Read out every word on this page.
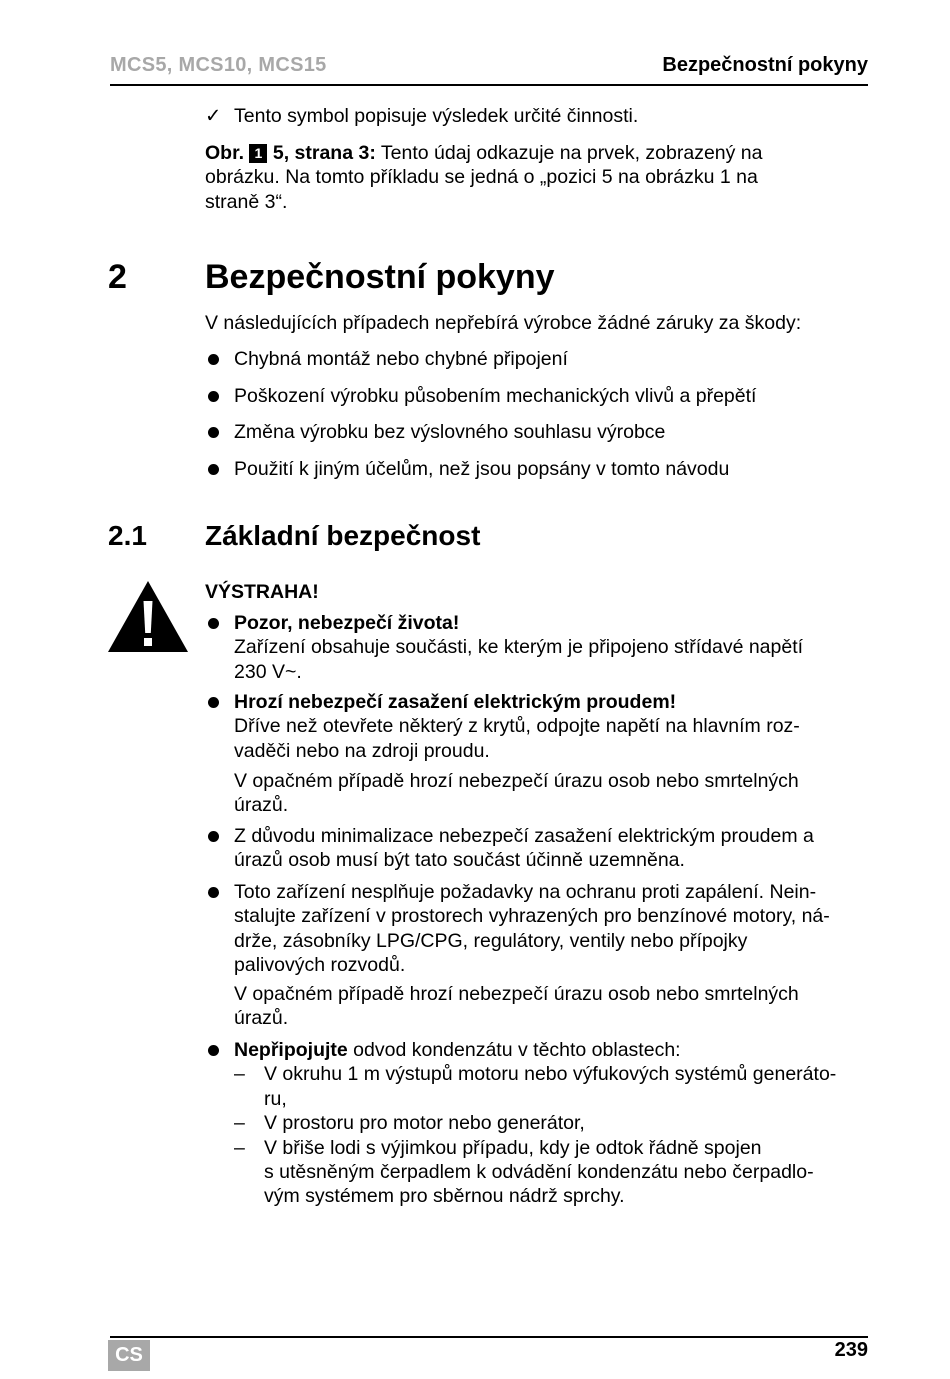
MCS5, MCS10, MCS15	Bezpečnostní pokyny
✓ Tento symbol popisuje výsledek určité činnosti.
Obr. 1 5, strana 3: Tento údaj odkazuje na prvek, zobrazený na
obrázku. Na tomto příkladu se jedná o „pozici 5 na obrázku 1 na
straně 3“.
2 Bezpečnostní pokyny
V následujících případech nepřebírá výrobce žádné záruky za škody:
Chybná montáž nebo chybné připojení
Poškození výrobku působením mechanických vlivů a přepětí
Změna výrobku bez výslovného souhlasu výrobce
Použití k jiným účelům, než jsou popsány v tomto návodu
2.1 Základní bezpečnost
VÝSTRAHA!
Pozor, nebezpečí života!
Zařízení obsahuje součásti, ke kterým je připojeno střídavé napětí
230 V~.
Hrozí nebezpečí zasažení elektrickým proudem!
Dříve než otevřete některý z krytů, odpojte napětí na hlavním roz-
vaděči nebo na zdroji proudu.
V opačném případě hrozí nebezpečí úrazu osob nebo smrtelných
úrazů.
Z důvodu minimalizace nebezpečí zasažení elektrickým proudem a
úrazů osob musí být tato součást účinně uzemněna.
Toto zařízení nesplňuje požadavky na ochranu proti zapálení. Nein-
stalujte zařízení v prostorech vyhrazených pro benzínové motory, ná-
drže, zásobníky LPG/CPG, regulátory, ventily nebo přípojky
palivových rozvodů.
V opačném případě hrozí nebezpečí úrazu osob nebo smrtelných
úrazů.
Nepřipojujte odvod kondenzátu v těchto oblastech:
– V okruhu 1 m výstupů motoru nebo výfukových systémů generáto-
ru,
– V prostoru pro motor nebo generátor,
– V břiše lodi s výjimkou případu, kdy je odtok řádně spojen
s utěsněným čerpadlem k odvádění kondenzátu nebo čerpadlo-
vým systémem pro sběrnou nádrž sprchy.
CS	239
